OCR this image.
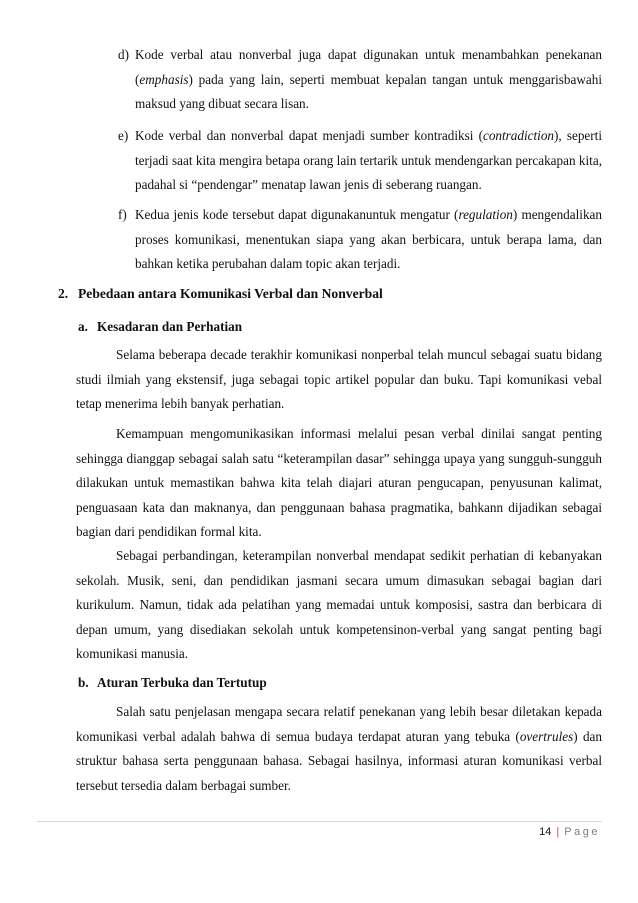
d) Kode verbal atau nonverbal juga dapat digunakan untuk menambahkan penekanan (emphasis) pada yang lain, seperti membuat kepalan tangan untuk menggarisbawahi maksud yang dibuat secara lisan.

e) Kode verbal dan nonverbal dapat menjadi sumber kontradiksi (contradiction), seperti terjadi saat kita mengira betapa orang lain tertarik untuk mendengarkan percakapan kita, padahal si “pendengar” menatap lawan jenis di seberang ruangan.

f) Kedua jenis kode tersebut dapat digunakanuntuk mengatur (regulation) mengendalikan proses komunikasi, menentukan siapa yang akan berbicara, untuk berapa lama, dan bahkan ketika perubahan dalam topic akan terjadi.

2. Pebedaan antara Komunikasi Verbal dan Nonverbal
a. Kesadaran dan Perhatian

Selama beberapa decade terakhir komunikasi nonperbal telah muncul sebagai suatu bidang studi ilmiah yang ekstensif, juga sebagai topic artikel popular dan buku. Tapi komunikasi vebal tetap menerima lebih banyak perhatian.

Kemampuan mengomunikasikan informasi melalui pesan verbal dinilai sangat penting sehingga dianggap sebagai salah satu “keterampilan dasar” sehingga upaya yang sungguh-sungguh dilakukan untuk memastikan bahwa kita telah diajari aturan pengucapan, penyusunan kalimat, penguasaan kata dan maknanya, dan penggunaan bahasa pragmatika, bahkann dijadikan sebagai bagian dari pendidikan formal kita.

Sebagai perbandingan, keterampilan nonverbal mendapat sedikit perhatian di kebanyakan sekolah. Musik, seni, dan pendidikan jasmani secara umum dimasukan sebagai bagian dari kurikulum. Namun, tidak ada pelatihan yang memadai untuk komposisi, sastra dan berbicara di depan umum, yang disediakan sekolah untuk kompetensinon-verbal yang sangat penting bagi komunikasi manusia.

b. Aturan Terbuka dan Tertutup

Salah satu penjelasan mengapa secara relatif penekanan yang lebih besar diletakan kepada komunikasi verbal adalah bahwa di semua budaya terdapat aturan yang tebuka (overtrules) dan struktur bahasa serta penggunaan bahasa. Sebagai hasilnya, informasi aturan komunikasi verbal tersebut tersedia dalam berbagai sumber.

14 | Page
